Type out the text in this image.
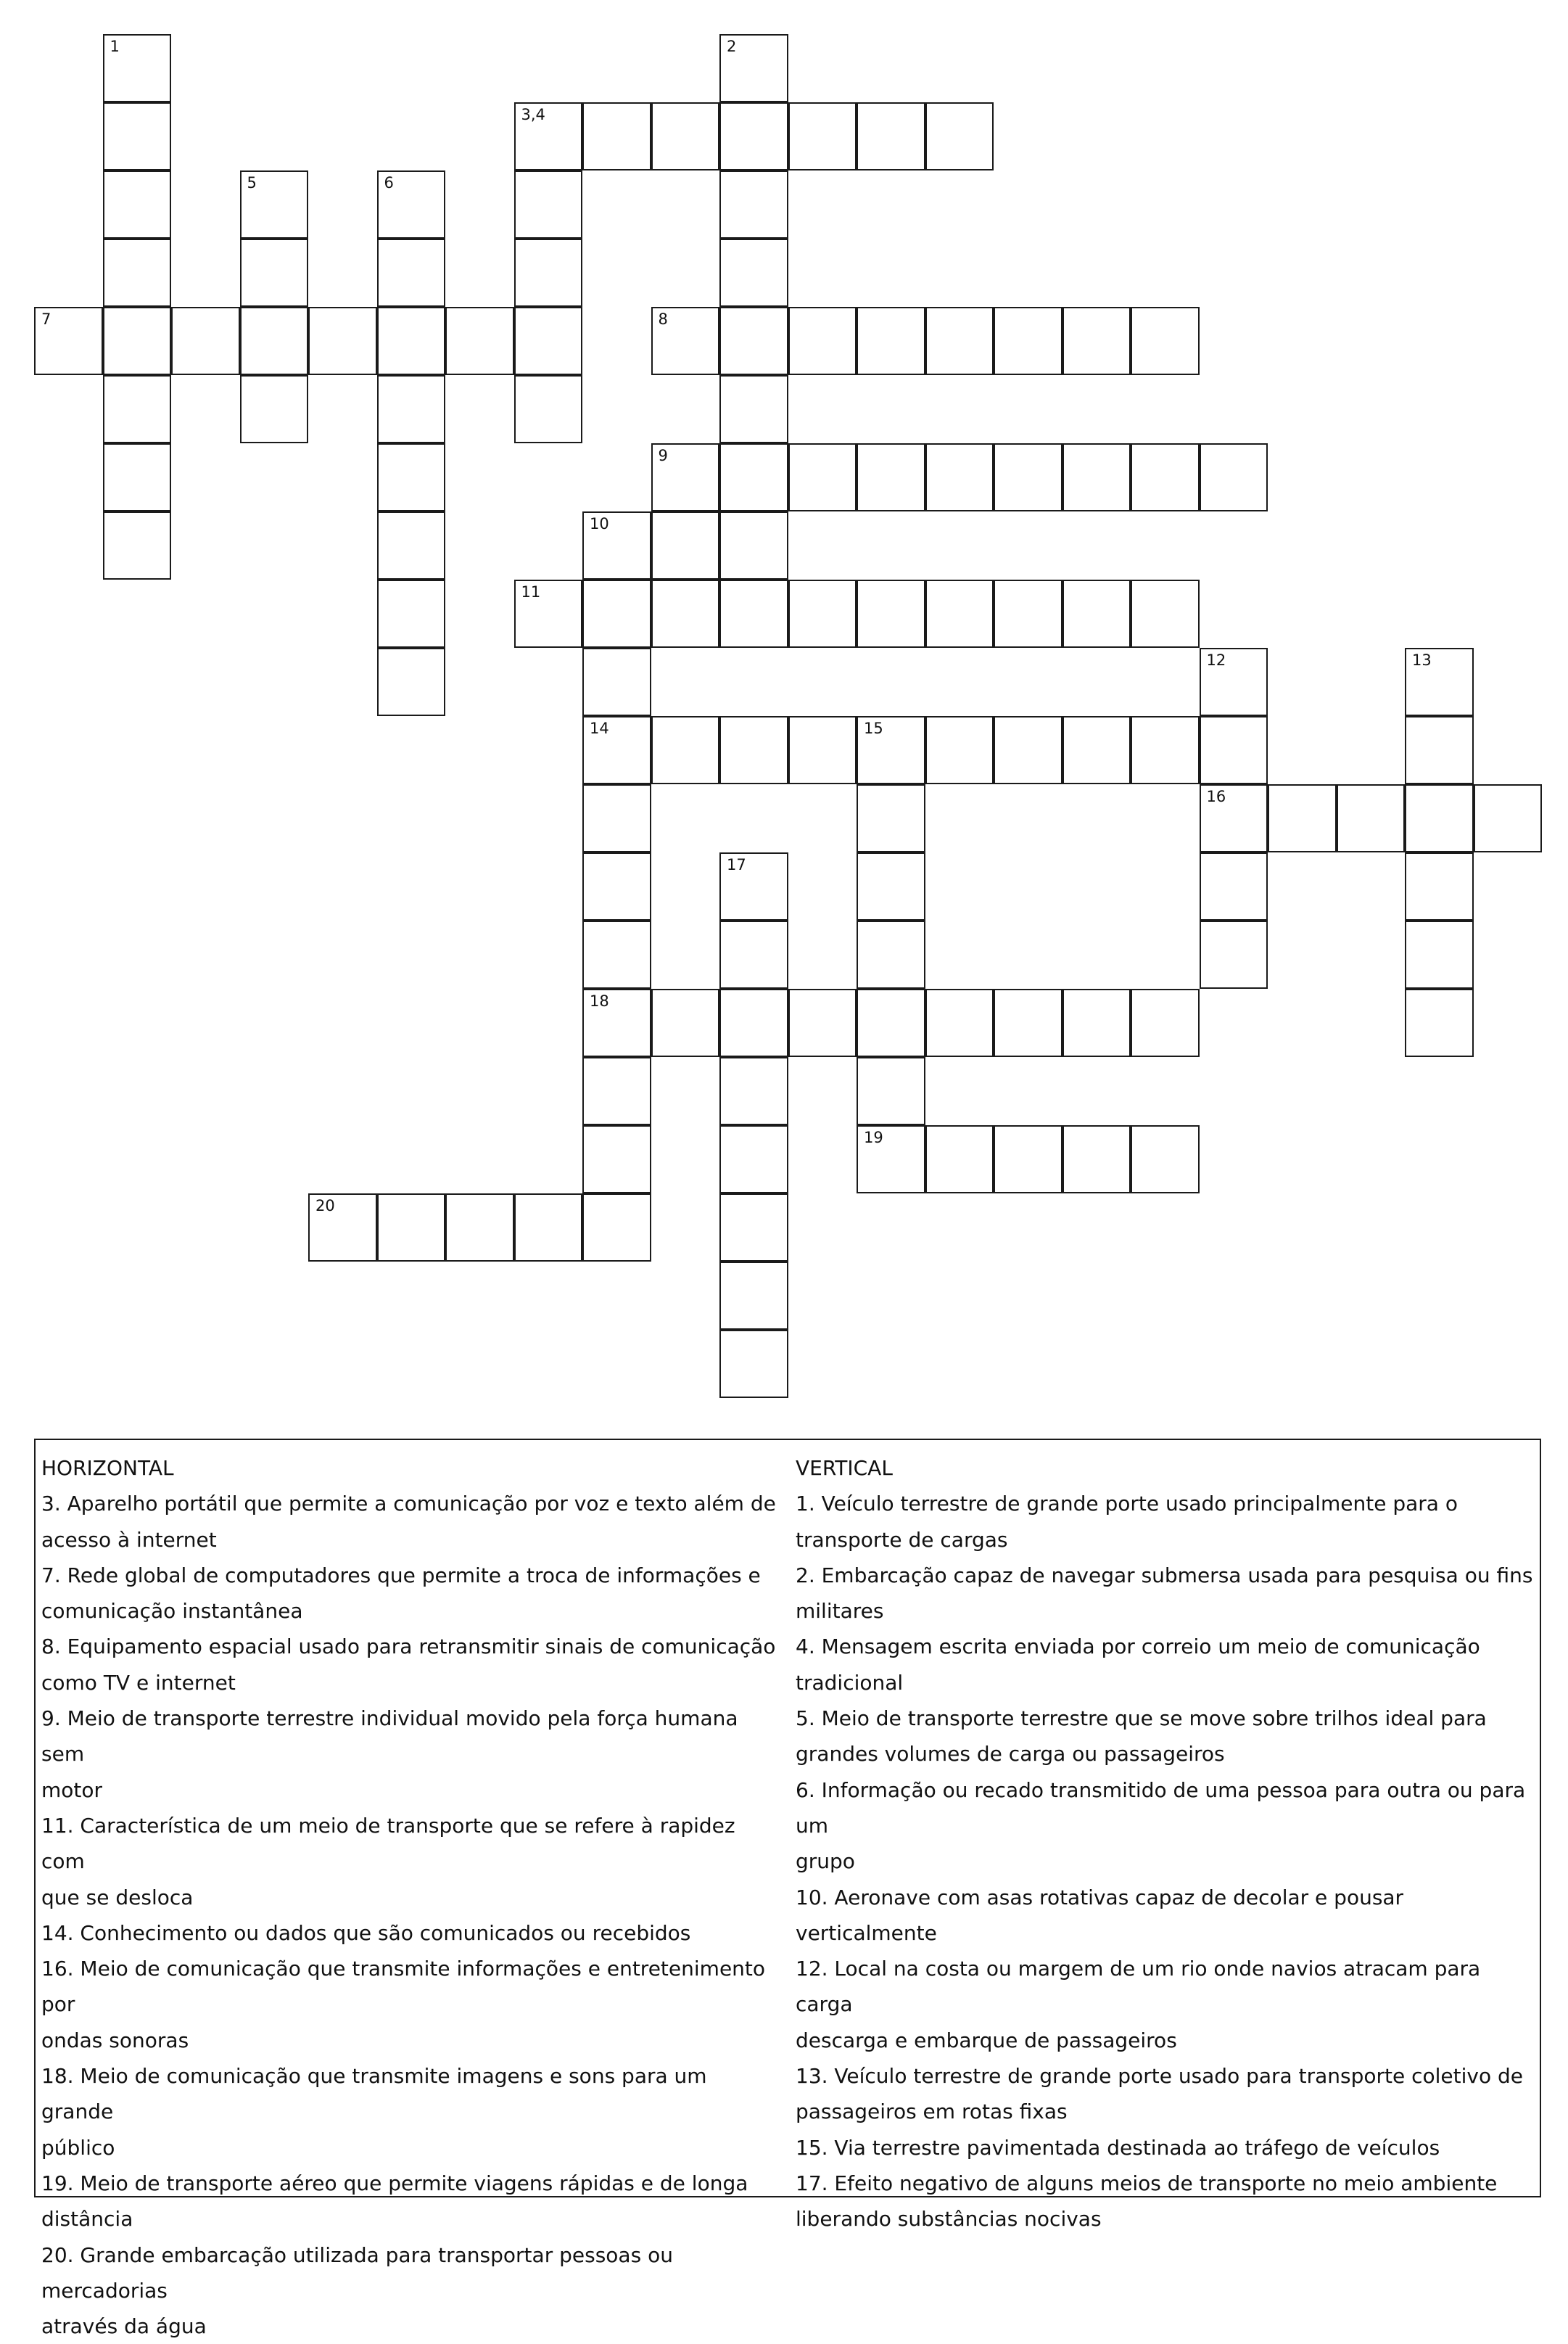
1	2
3,4
5	6
7	8
9
10
11
12	13
14	15
16
17
18
19
20
HORIZONTAL
3. Aparelho portátil que permite a comunicação por voz e texto além de
acesso à internet
7. Rede global de computadores que permite a troca de informações e
comunicação instantânea
8. Equipamento espacial usado para retransmitir sinais de comunicação
como TV e internet
9. Meio de transporte terrestre individual movido pela força humana sem
motor
11. Característica de um meio de transporte que se refere à rapidez com
que se desloca
14. Conhecimento ou dados que são comunicados ou recebidos
16. Meio de comunicação que transmite informações e entretenimento por
ondas sonoras
18. Meio de comunicação que transmite imagens e sons para um grande
público
19. Meio de transporte aéreo que permite viagens rápidas e de longa
distância
20. Grande embarcação utilizada para transportar pessoas ou mercadorias
através da água
VERTICAL
1. Veículo terrestre de grande porte usado principalmente para o
transporte de cargas
2. Embarcação capaz de navegar submersa usada para pesquisa ou fins
militares
4. Mensagem escrita enviada por correio um meio de comunicação
tradicional
5. Meio de transporte terrestre que se move sobre trilhos ideal para
grandes volumes de carga ou passageiros
6. Informação ou recado transmitido de uma pessoa para outra ou para um
grupo
10. Aeronave com asas rotativas capaz de decolar e pousar verticalmente
12. Local na costa ou margem de um rio onde navios atracam para carga
descarga e embarque de passageiros
13. Veículo terrestre de grande porte usado para transporte coletivo de
passageiros em rotas fixas
15. Via terrestre pavimentada destinada ao tráfego de veículos
17. Efeito negativo de alguns meios de transporte no meio ambiente
liberando substâncias nocivas
